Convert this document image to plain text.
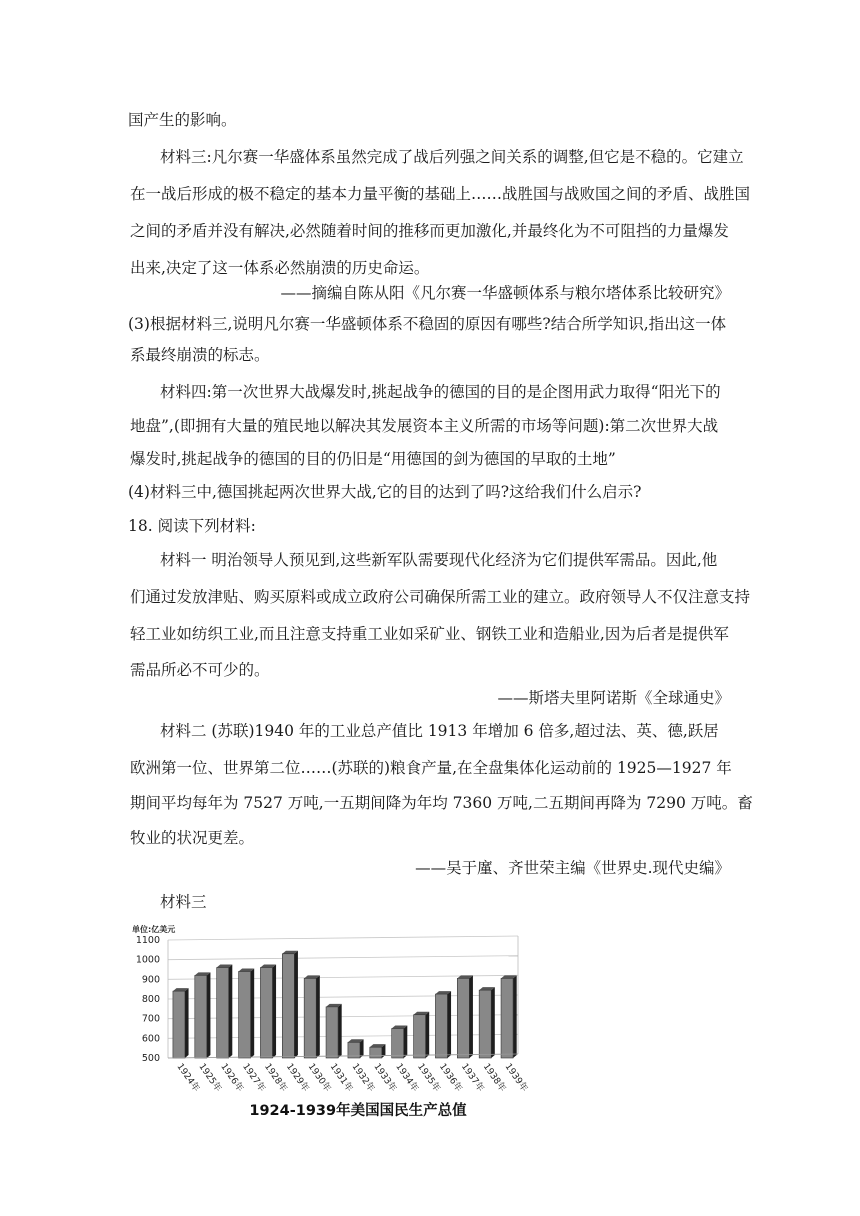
国产生的影响。
材料三:凡尔赛一华盛体系虽然完成了战后列强之间关系的调整,但它是不稳的。它建立
在一战后形成的极不稳定的基本力量平衡的基础上……战胜国与战败国之间的矛盾、战胜国
之间的矛盾并没有解决,必然随着时间的推移而更加激化,并最终化为不可阻挡的力量爆发
出来,决定了这一体系必然崩溃的历史命运。
——摘编自陈从阳《凡尔赛一华盛顿体系与粮尔塔体系比较研究》
(3)根据材料三,说明凡尔赛一华盛顿体系不稳固的原因有哪些?结合所学知识,指出这一体
系最终崩溃的标志。
材料四:第一次世界大战爆发时,挑起战争的德国的目的是企图用武力取得“阳光下的
地盘”,(即拥有大量的殖民地以解决其发展资本主义所需的市场等问题):第二次世界大战
爆发时,挑起战争的德国的目的仍旧是“用德国的剑为德国的早取的土地”
(4)材料三中,德国挑起两次世界大战,它的目的达到了吗?这给我们什么启示?
18. 阅读下列材料:
材料一 明治领导人预见到,这些新军队需要现代化经济为它们提供军需品。因此,他
们通过发放津贴、购买原料或成立政府公司确保所需工业的建立。政府领导人不仅注意支持
轻工业如纺织工业,而且注意支持重工业如采矿业、钢铁工业和造船业,因为后者是提供军
需品所必不可少的。
——斯塔夫里阿诺斯《全球通史》
材料二 (苏联)1940 年的工业总产值比 1913 年增加 6 倍多,超过法、英、德,跃居
欧洲第一位、世界第二位……(苏联的)粮食产量,在全盘集体化运动前的 1925—1927 年
期间平均每年为 7527 万吨,一五期间降为年均 7360 万吨,二五期间再降为 7290 万吨。畜
牧业的状况更差。
——吴于廑、齐世荣主编《世界史.现代史编》
材料三
单位:亿美元
500
600
700
800
900
1000
1100
1924年
1925年
1926年
1927年
1928年
1929年
1930年
1931年
1932年
1933年
1934年
1935年
1936年
1937年
1938年
1939年
1924-1939年美国国民生产总值
